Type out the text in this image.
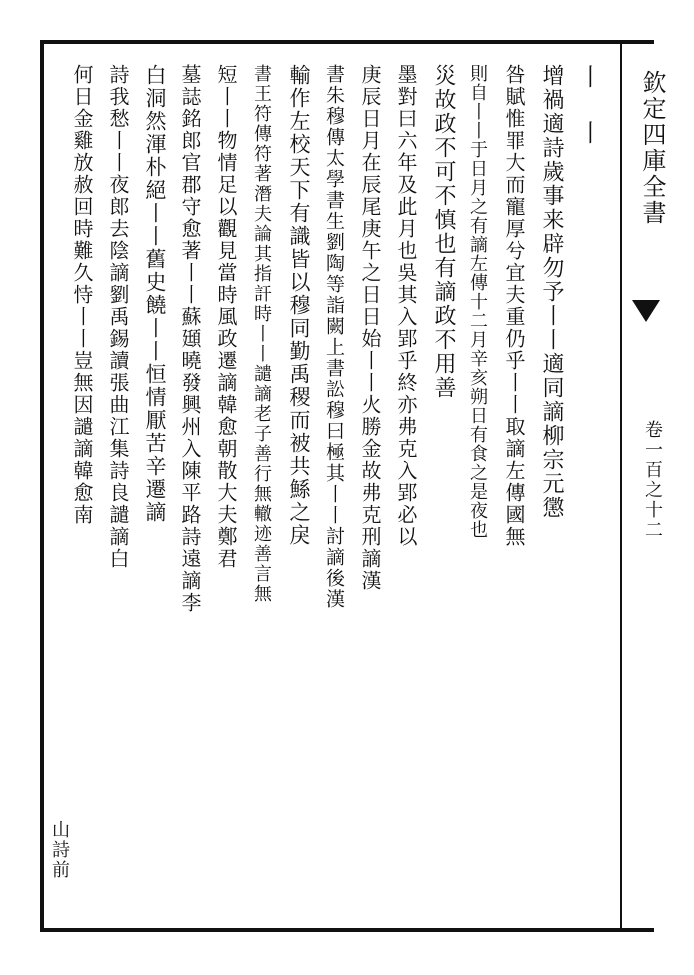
欽定四庫全書
卷一百之十二
丨 丨
增禍適詩歲事来辟勿予丨丨適同謫柳宗元懲
咎賦惟罪大而寵厚兮宜夫重仍乎丨丨取謫左傳國無
則自丨丨于日月之有謫左傳十二月辛亥朔日有食之是夜也
災故政不可不慎也有謫政不用善
墨對曰六年及此月也吳其入郢乎終亦弗克入郢必以
庚辰日月在辰尾庚午之日日始丨丨火勝金故弗克刑謫漢
書朱穆傳太學書生劉陶等詣闕上書訟穆曰極其丨丨討謫後漢
輸作左校天下有識皆以穆同勤禹稷而被共鯀之戾
書王符傳符著潛夫論其指訐時丨丨譴謫老子善行無轍迹善言無
短丨丨物情足以觀見當時風政遷謫韓愈朝散大夫鄭君
墓誌銘郎官郡守愈著丨丨蘇頲曉發興州入陳平路詩遠謫李
白洞然渾朴絕丨丨舊史饒丨丨恒情厭苦辛遷謫
詩我愁丨丨夜郎去陰謫劉禹錫讀張曲江集詩良譴謫白
何日金雞放赦回時難久恃丨丨豈無因譴謫韓愈南
山詩前
